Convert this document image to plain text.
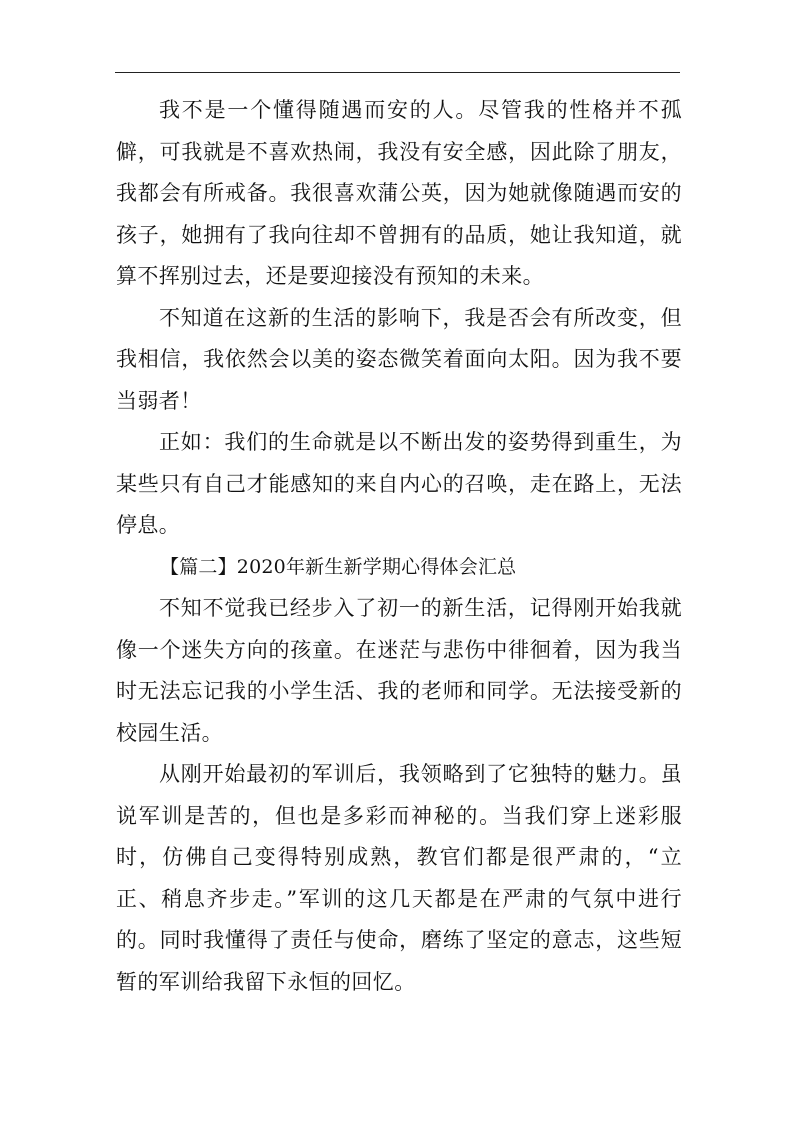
我不是一个懂得随遇而安的人。尽管我的性格并不孤僻，可我就是不喜欢热闹，我没有安全感，因此除了朋友，我都会有所戒备。我很喜欢蒲公英，因为她就像随遇而安的孩子，她拥有了我向往却不曾拥有的品质，她让我知道，就算不挥别过去，还是要迎接没有预知的未来。

不知道在这新的生活的影响下，我是否会有所改变，但我相信，我依然会以美的姿态微笑着面向太阳。因为我不要当弱者！

正如：我们的生命就是以不断出发的姿势得到重生，为某些只有自己才能感知的来自内心的召唤，走在路上，无法停息。

【篇二】2020年新生新学期心得体会汇总

不知不觉我已经步入了初一的新生活，记得刚开始我就像一个迷失方向的孩童。在迷茫与悲伤中徘徊着，因为我当时无法忘记我的小学生活、我的老师和同学。无法接受新的校园生活。

从刚开始最初的军训后，我领略到了它独特的魅力。虽说军训是苦的，但也是多彩而神秘的。当我们穿上迷彩服时，仿佛自己变得特别成熟，教官们都是很严肃的，“立正、稍息齐步走。”军训的这几天都是在严肃的气氛中进行的。同时我懂得了责任与使命，磨练了坚定的意志，这些短暂的军训给我留下永恒的回忆。
